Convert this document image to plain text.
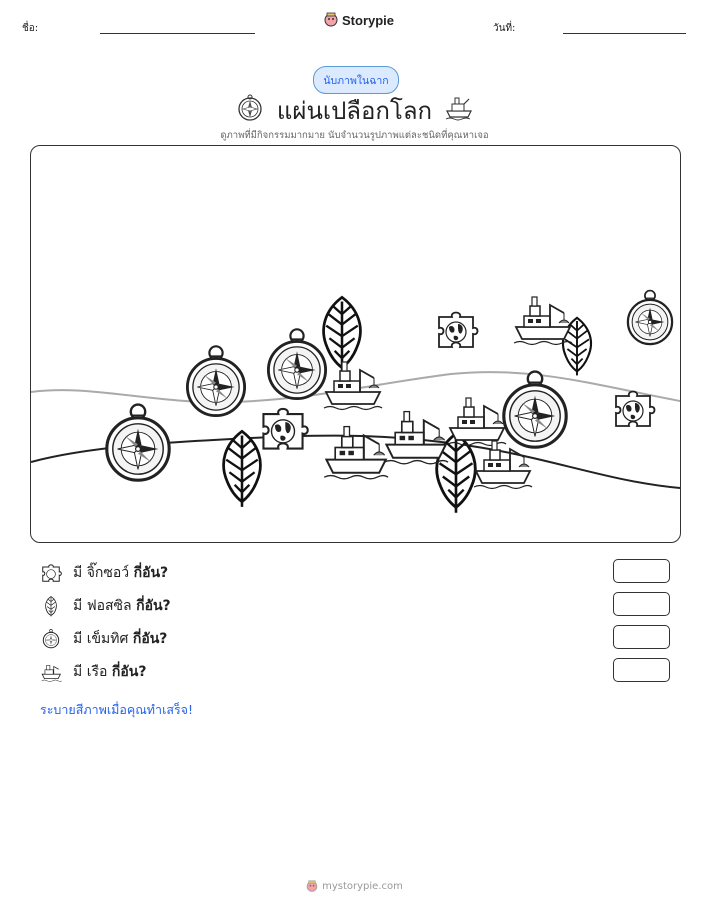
ชื่อ:
Storypie
วันที่:
นับภาพในฉาก
แผ่นเปลือกโลก
ดูภาพที่มีกิจกรรมมากมาย นับจำนวนรูปภาพแต่ละชนิดที่คุณหาเจอ
มี จิ๊กซอว์ กี่อัน?
มี ฟอสซิล กี่อัน?
มี เข็มทิศ กี่อัน?
มี เรือ กี่อัน?
ระบายสีภาพเมื่อคุณทำเสร็จ!
mystorypie.com
